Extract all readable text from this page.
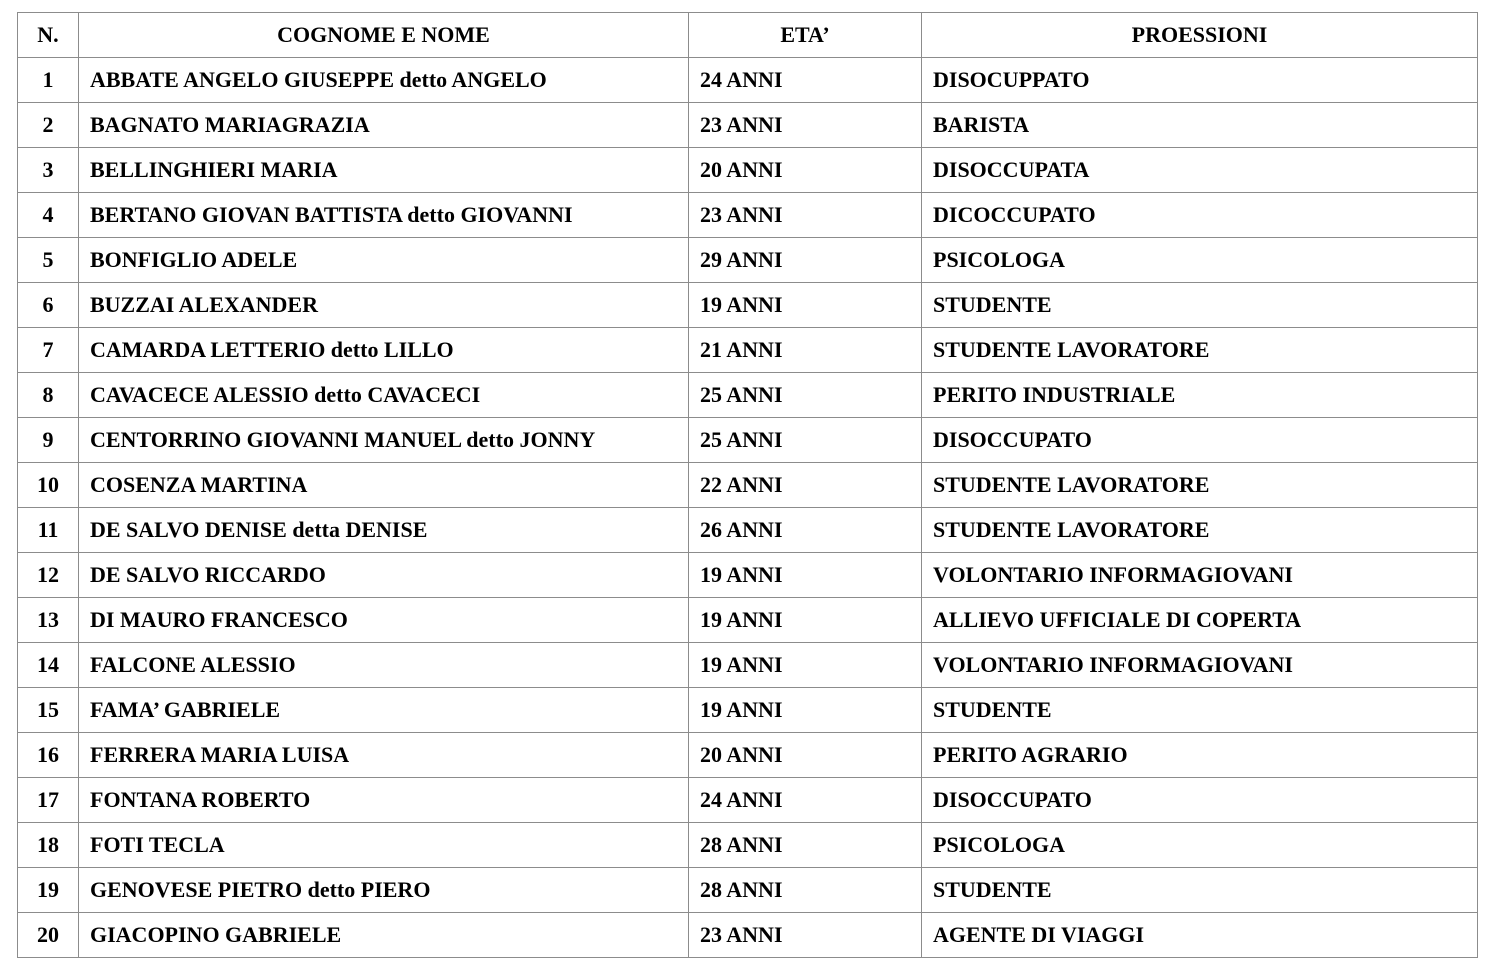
N.	COGNOME E NOME	ETA’	PROESSIONI
1	ABBATE ANGELO GIUSEPPE detto ANGELO	24 ANNI	DISOCUPPATO
2	BAGNATO MARIAGRAZIA	23 ANNI	BARISTA
3	BELLINGHIERI MARIA	20 ANNI	DISOCCUPATA
4	BERTANO GIOVAN BATTISTA detto GIOVANNI	23 ANNI	DICOCCUPATO
5	BONFIGLIO ADELE	29 ANNI	PSICOLOGA
6	BUZZAI ALEXANDER	19 ANNI	STUDENTE
7	CAMARDA LETTERIO detto LILLO	21 ANNI	STUDENTE LAVORATORE
8	CAVACECE ALESSIO detto CAVACECI	25 ANNI	PERITO INDUSTRIALE
9	CENTORRINO GIOVANNI MANUEL detto JONNY	25 ANNI	DISOCCUPATO
10	COSENZA MARTINA	22 ANNI	STUDENTE LAVORATORE
11	DE SALVO DENISE detta DENISE	26 ANNI	STUDENTE LAVORATORE
12	DE SALVO RICCARDO	19 ANNI	VOLONTARIO INFORMAGIOVANI
13	DI MAURO FRANCESCO	19 ANNI	ALLIEVO UFFICIALE DI COPERTA
14	FALCONE ALESSIO	19 ANNI	VOLONTARIO INFORMAGIOVANI
15	FAMA’ GABRIELE	19 ANNI	STUDENTE
16	FERRERA MARIA LUISA	20 ANNI	PERITO AGRARIO
17	FONTANA ROBERTO	24 ANNI	DISOCCUPATO
18	FOTI TECLA	28 ANNI	PSICOLOGA
19	GENOVESE PIETRO detto PIERO	28 ANNI	STUDENTE
20	GIACOPINO GABRIELE	23 ANNI	AGENTE DI VIAGGI
